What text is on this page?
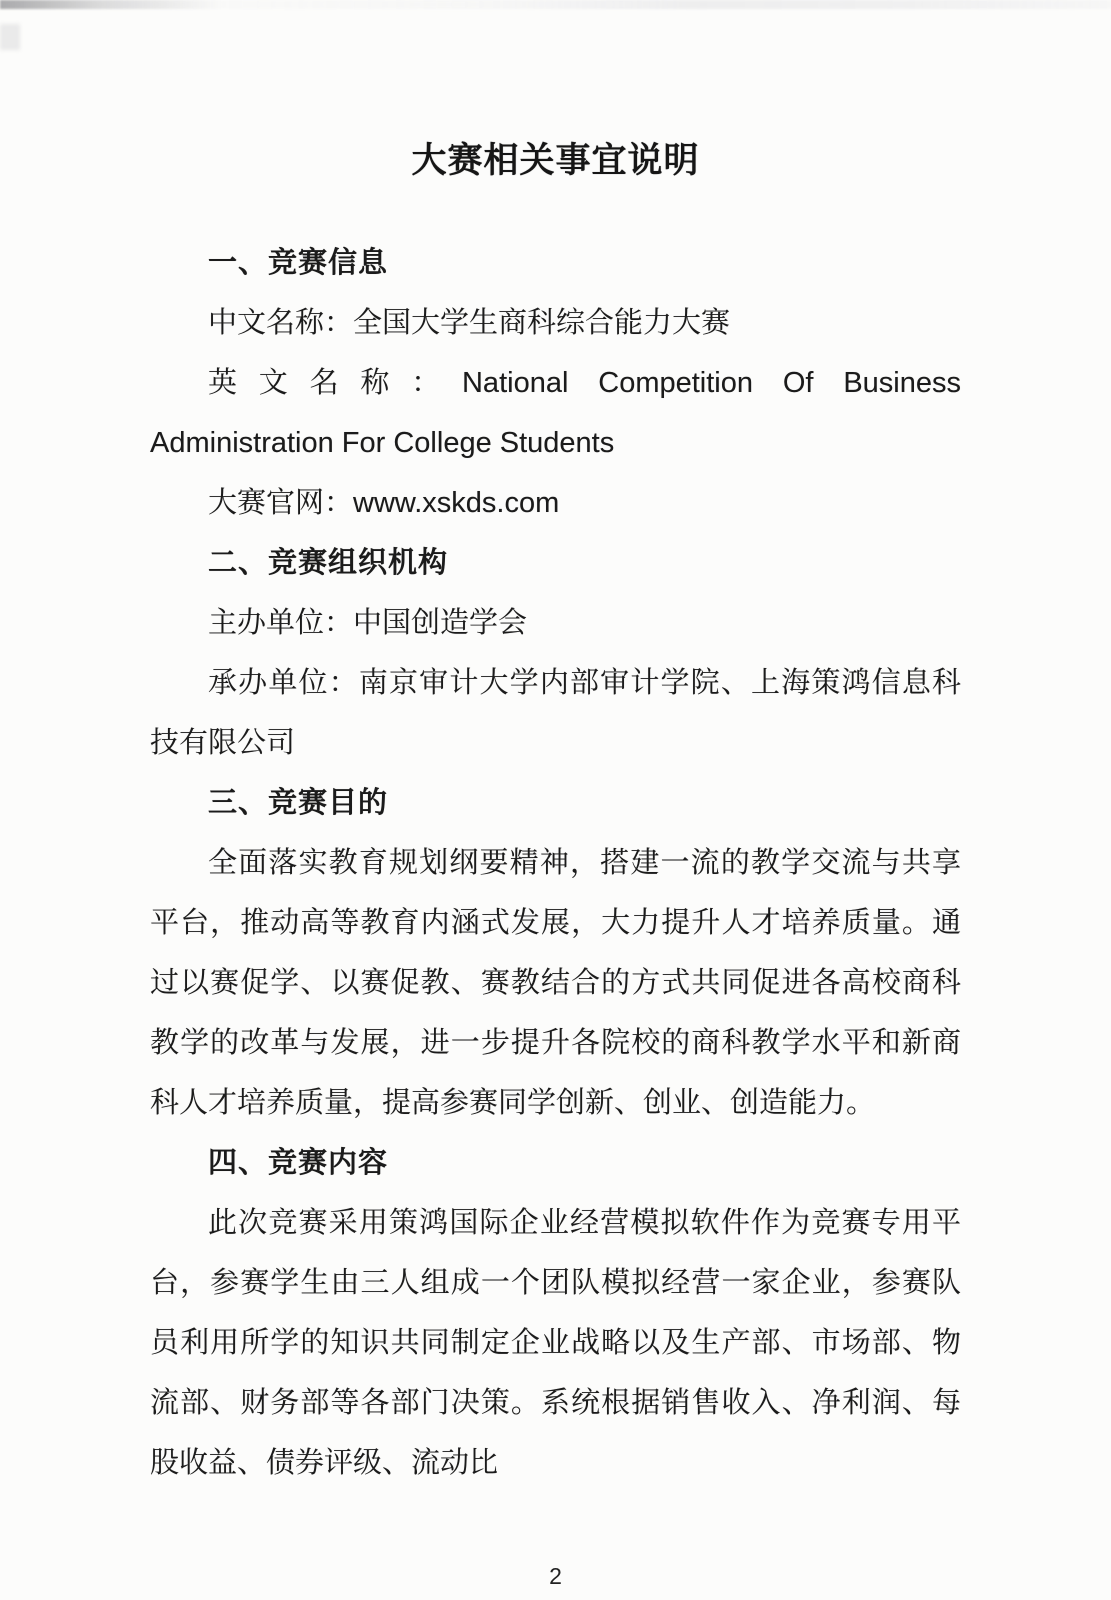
大赛相关事宜说明

一、竞赛信息

中文名称：全国大学生商科综合能力大赛

英文名称：National Competition Of Business Administration For College Students

大赛官网：www.xskds.com

二、竞赛组织机构

主办单位：中国创造学会

承办单位：南京审计大学内部审计学院、上海策鸿信息科技有限公司

三、竞赛目的

全面落实教育规划纲要精神，搭建一流的教学交流与共享平台，推动高等教育内涵式发展，大力提升人才培养质量。通过以赛促学、以赛促教、赛教结合的方式共同促进各高校商科教学的改革与发展，进一步提升各院校的商科教学水平和新商科人才培养质量，提高参赛同学创新、创业、创造能力。

四、竞赛内容

此次竞赛采用策鸿国际企业经营模拟软件作为竞赛专用平台，参赛学生由三人组成一个团队模拟经营一家企业，参赛队员利用所学的知识共同制定企业战略以及生产部、市场部、物流部、财务部等各部门决策。系统根据销售收入、净利润、每股收益、债券评级、流动比

2
